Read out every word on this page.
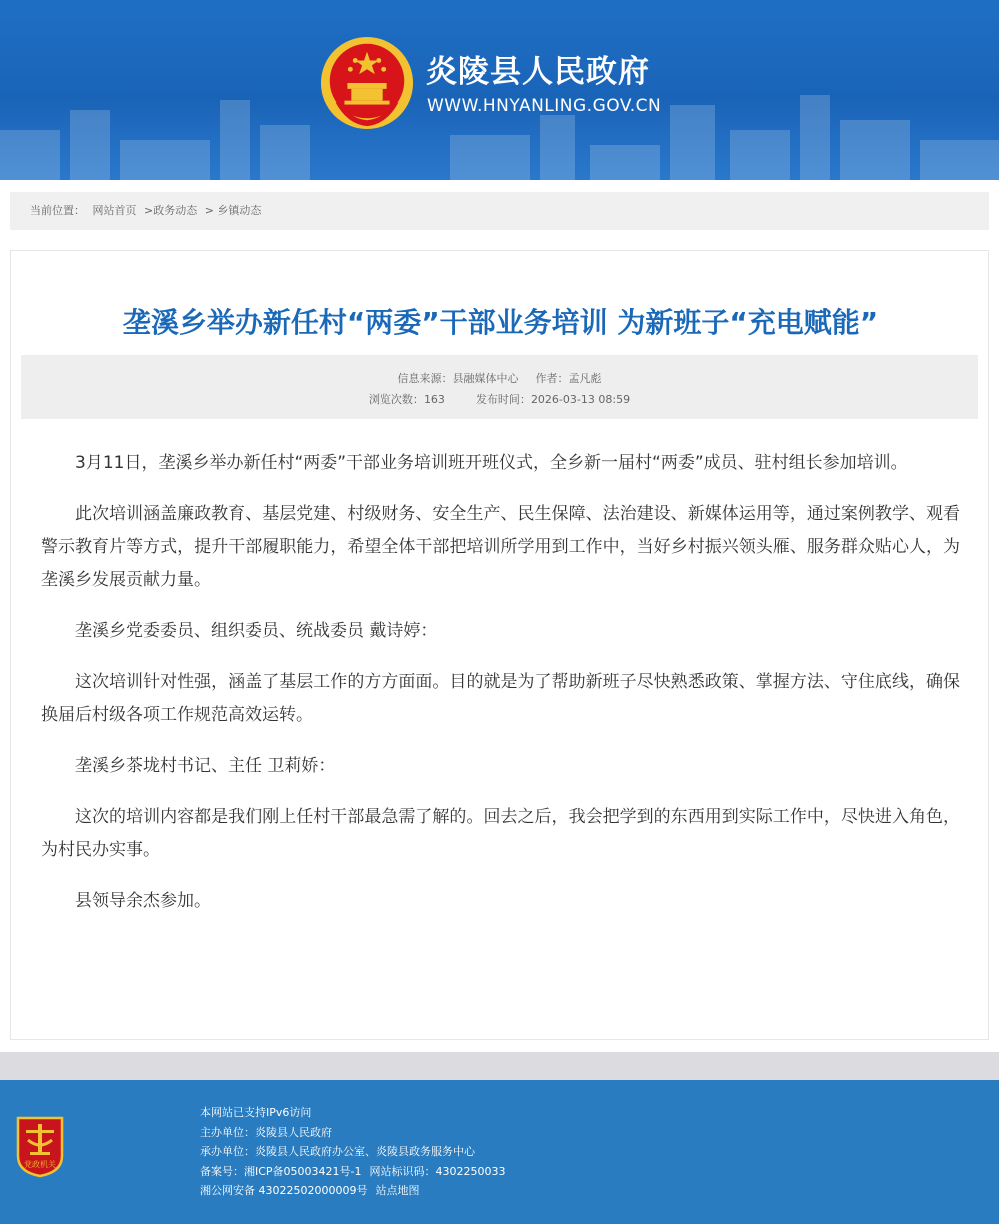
炎陵县人民政府
WWW.HNYANLING.GOV.CN
当前位置： 网站首页 >政务动态 > 乡镇动态
垄溪乡举办新任村“两委”干部业务培训 为新班子“充电赋能”
信息来源：县融媒体中心 作者：孟凡彪
浏览次数：163	发布时间：2026-03-13 08:59

3月11日，垄溪乡举办新任村“两委”干部业务培训班开班仪式，全乡新一届村“两委”成员、驻村组长参加培训。

此次培训涵盖廉政教育、基层党建、村级财务、安全生产、民生保障、法治建设、新媒体运用等，通过案例教学、观看警示教育片等方式，提升干部履职能力，希望全体干部把培训所学用到工作中，当好乡村振兴领头雁、服务群众贴心人，为垄溪乡发展贡献力量。

垄溪乡党委委员、组织委员、统战委员 戴诗婷：

这次培训针对性强，涵盖了基层工作的方方面面。目的就是为了帮助新班子尽快熟悉政策、掌握方法、守住底线，确保换届后村级各项工作规范高效运转。

垄溪乡茶垅村书记、主任 卫莉娇：

这次的培训内容都是我们刚上任村干部最急需了解的。回去之后，我会把学到的东西用到实际工作中，尽快进入角色，为村民办实事。

县领导余杰参加。

党政机关
本网站已支持IPv6访问
主办单位：炎陵县人民政府
承办单位：炎陵县人民政府办公室、炎陵县政务服务中心
备案号：湘ICP备05003421号-1 网站标识码：4302250033
湘公网安备 43022502000009号 站点地图
